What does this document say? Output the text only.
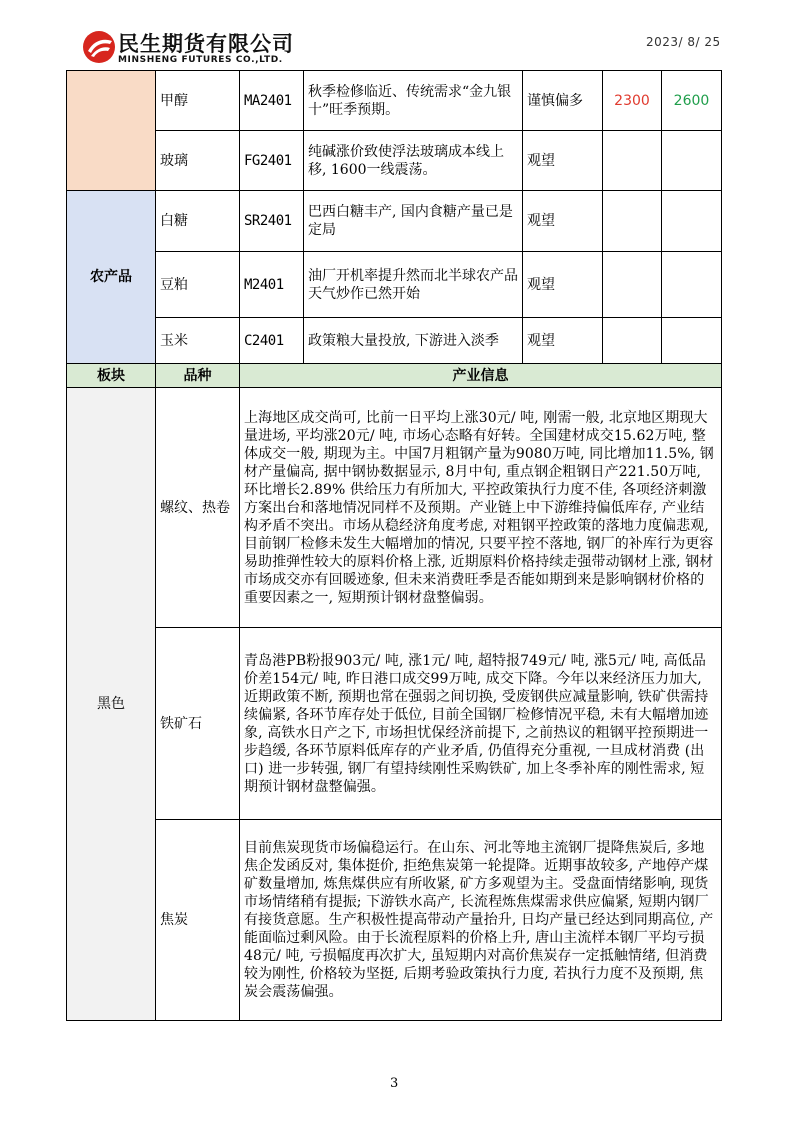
民生期货有限公司
MINSHENG FUTURES CO.,LTD.
2023/ 8/ 25
	甲醇	MA2401	秋季检修临近、传统需求“金九银十”旺季预期。	谨慎偏多	2300	2600
	玻璃	FG2401	纯碱涨价致使浮法玻璃成本线上移, 1600一线震荡。	观望		
农产品	白糖	SR2401	巴西白糖丰产, 国内食糖产量已是定局	观望		
	豆粕	M2401	油厂开机率提升然而北半球农产品天气炒作已然开始	观望		
	玉米	C2401	政策粮大量投放, 下游进入淡季	观望		
板块	品种	产业信息				
黑色	螺纹、热卷	上海地区成交尚可, 比前一日平均上涨30元/ 吨, 刚需一般, 北京地区期现大量进场, 平均涨20元/ 吨, 市场心态略有好转。全国建材成交15.62万吨, 整体成交一般, 期现为主。中国7月粗钢产量为9080万吨, 同比增加11.5%, 钢材产量偏高, 据中钢协数据显示, 8月中旬, 重点钢企粗钢日产221.50万吨, 环比增长2.89% 供给压力有所加大, 平控政策执行力度不佳, 各项经济刺激方案出台和落地情况同样不及预期。产业链上中下游维持偏低库存, 产业结构矛盾不突出。市场从稳经济角度考虑, 对粗钢平控政策的落地力度偏悲观, 目前钢厂检修未发生大幅增加的情况, 只要平控不落地, 钢厂的补库行为更容易助推弹性较大的原料价格上涨, 近期原料价格持续走强带动钢材上涨, 钢材市场成交亦有回暖迹象, 但未来消费旺季是否能如期到来是影响钢材价格的重要因素之一, 短期预计钢材盘整偏弱。				
	铁矿石	青岛港PB粉报903元/ 吨, 涨1元/ 吨, 超特报749元/ 吨, 涨5元/ 吨, 高低品价差154元/ 吨, 昨日港口成交99万吨, 成交下降。今年以来经济压力加大, 近期政策不断, 预期也常在强弱之间切换, 受废钢供应减量影响, 铁矿供需持续偏紧, 各环节库存处于低位, 目前全国钢厂检修情况平稳, 未有大幅增加迹象, 高铁水日产之下, 市场担忧保经济前提下, 之前热议的粗钢平控预期进一步趋缓, 各环节原料低库存的产业矛盾, 仍值得充分重视, 一旦成材消费 (出口) 进一步转强, 钢厂有望持续刚性采购铁矿, 加上冬季补库的刚性需求, 短期预计钢材盘整偏强。				
	焦炭	目前焦炭现货市场偏稳运行。在山东、河北等地主流钢厂提降焦炭后, 多地焦企发函反对, 集体挺价, 拒绝焦炭第一轮提降。近期事故较多, 产地停产煤矿数量增加, 炼焦煤供应有所收紧, 矿方多观望为主。受盘面情绪影响, 现货市场情绪稍有提振; 下游铁水高产, 长流程炼焦煤需求供应偏紧, 短期内钢厂有接货意愿。生产积极性提高带动产量抬升, 日均产量已经达到同期高位, 产能面临过剩风险。由于长流程原料的价格上升, 唐山主流样本钢厂平均亏损48元/ 吨, 亏损幅度再次扩大, 虽短期内对高价焦炭存一定抵触情绪, 但消费较为刚性, 价格较为坚挺, 后期考验政策执行力度, 若执行力度不及预期, 焦炭会震荡偏强。				
3
